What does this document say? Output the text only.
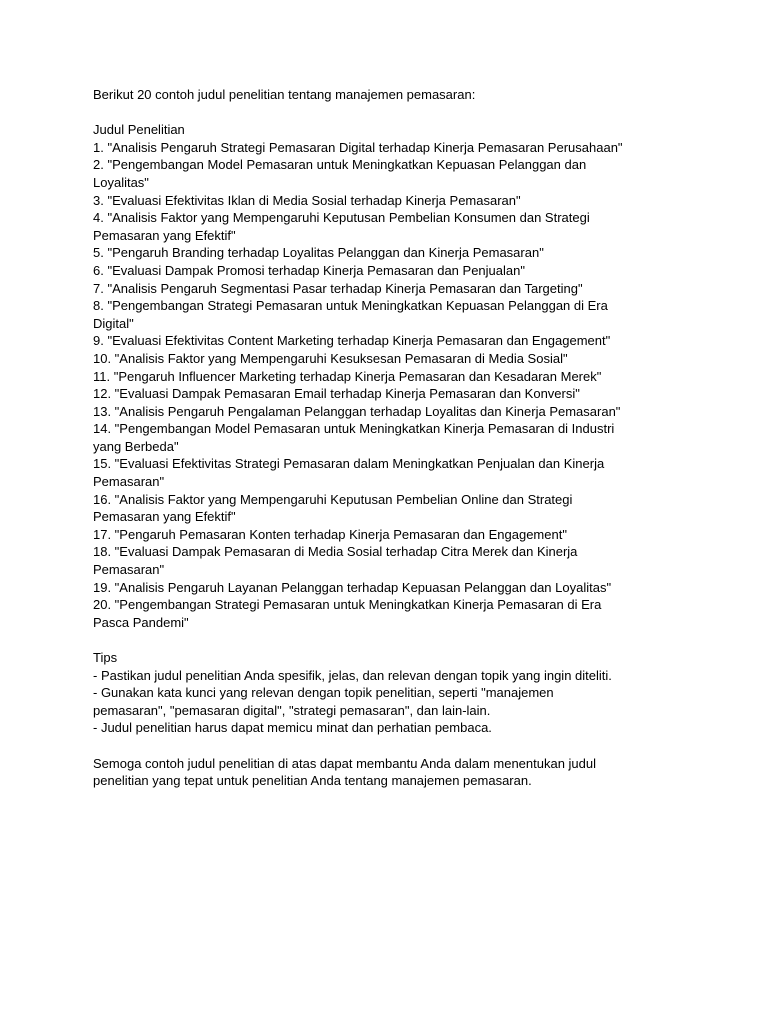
Berikut 20 contoh judul penelitian tentang manajemen pemasaran:
Judul Penelitian
1. "Analisis Pengaruh Strategi Pemasaran Digital terhadap Kinerja Pemasaran Perusahaan"
2. "Pengembangan Model Pemasaran untuk Meningkatkan Kepuasan Pelanggan dan
Loyalitas"
3. "Evaluasi Efektivitas Iklan di Media Sosial terhadap Kinerja Pemasaran"
4. "Analisis Faktor yang Mempengaruhi Keputusan Pembelian Konsumen dan Strategi
Pemasaran yang Efektif"
5. "Pengaruh Branding terhadap Loyalitas Pelanggan dan Kinerja Pemasaran"
6. "Evaluasi Dampak Promosi terhadap Kinerja Pemasaran dan Penjualan"
7. "Analisis Pengaruh Segmentasi Pasar terhadap Kinerja Pemasaran dan Targeting"
8. "Pengembangan Strategi Pemasaran untuk Meningkatkan Kepuasan Pelanggan di Era
Digital"
9. "Evaluasi Efektivitas Content Marketing terhadap Kinerja Pemasaran dan Engagement"
10. "Analisis Faktor yang Mempengaruhi Kesuksesan Pemasaran di Media Sosial"
11. "Pengaruh Influencer Marketing terhadap Kinerja Pemasaran dan Kesadaran Merek"
12. "Evaluasi Dampak Pemasaran Email terhadap Kinerja Pemasaran dan Konversi"
13. "Analisis Pengaruh Pengalaman Pelanggan terhadap Loyalitas dan Kinerja Pemasaran"
14. "Pengembangan Model Pemasaran untuk Meningkatkan Kinerja Pemasaran di Industri
yang Berbeda"
15. "Evaluasi Efektivitas Strategi Pemasaran dalam Meningkatkan Penjualan dan Kinerja
Pemasaran"
16. "Analisis Faktor yang Mempengaruhi Keputusan Pembelian Online dan Strategi
Pemasaran yang Efektif"
17. "Pengaruh Pemasaran Konten terhadap Kinerja Pemasaran dan Engagement"
18. "Evaluasi Dampak Pemasaran di Media Sosial terhadap Citra Merek dan Kinerja
Pemasaran"
19. "Analisis Pengaruh Layanan Pelanggan terhadap Kepuasan Pelanggan dan Loyalitas"
20. "Pengembangan Strategi Pemasaran untuk Meningkatkan Kinerja Pemasaran di Era
Pasca Pandemi"
Tips
- Pastikan judul penelitian Anda spesifik, jelas, dan relevan dengan topik yang ingin diteliti.
- Gunakan kata kunci yang relevan dengan topik penelitian, seperti "manajemen
pemasaran", "pemasaran digital", "strategi pemasaran", dan lain-lain.
- Judul penelitian harus dapat memicu minat dan perhatian pembaca.
Semoga contoh judul penelitian di atas dapat membantu Anda dalam menentukan judul
penelitian yang tepat untuk penelitian Anda tentang manajemen pemasaran.
